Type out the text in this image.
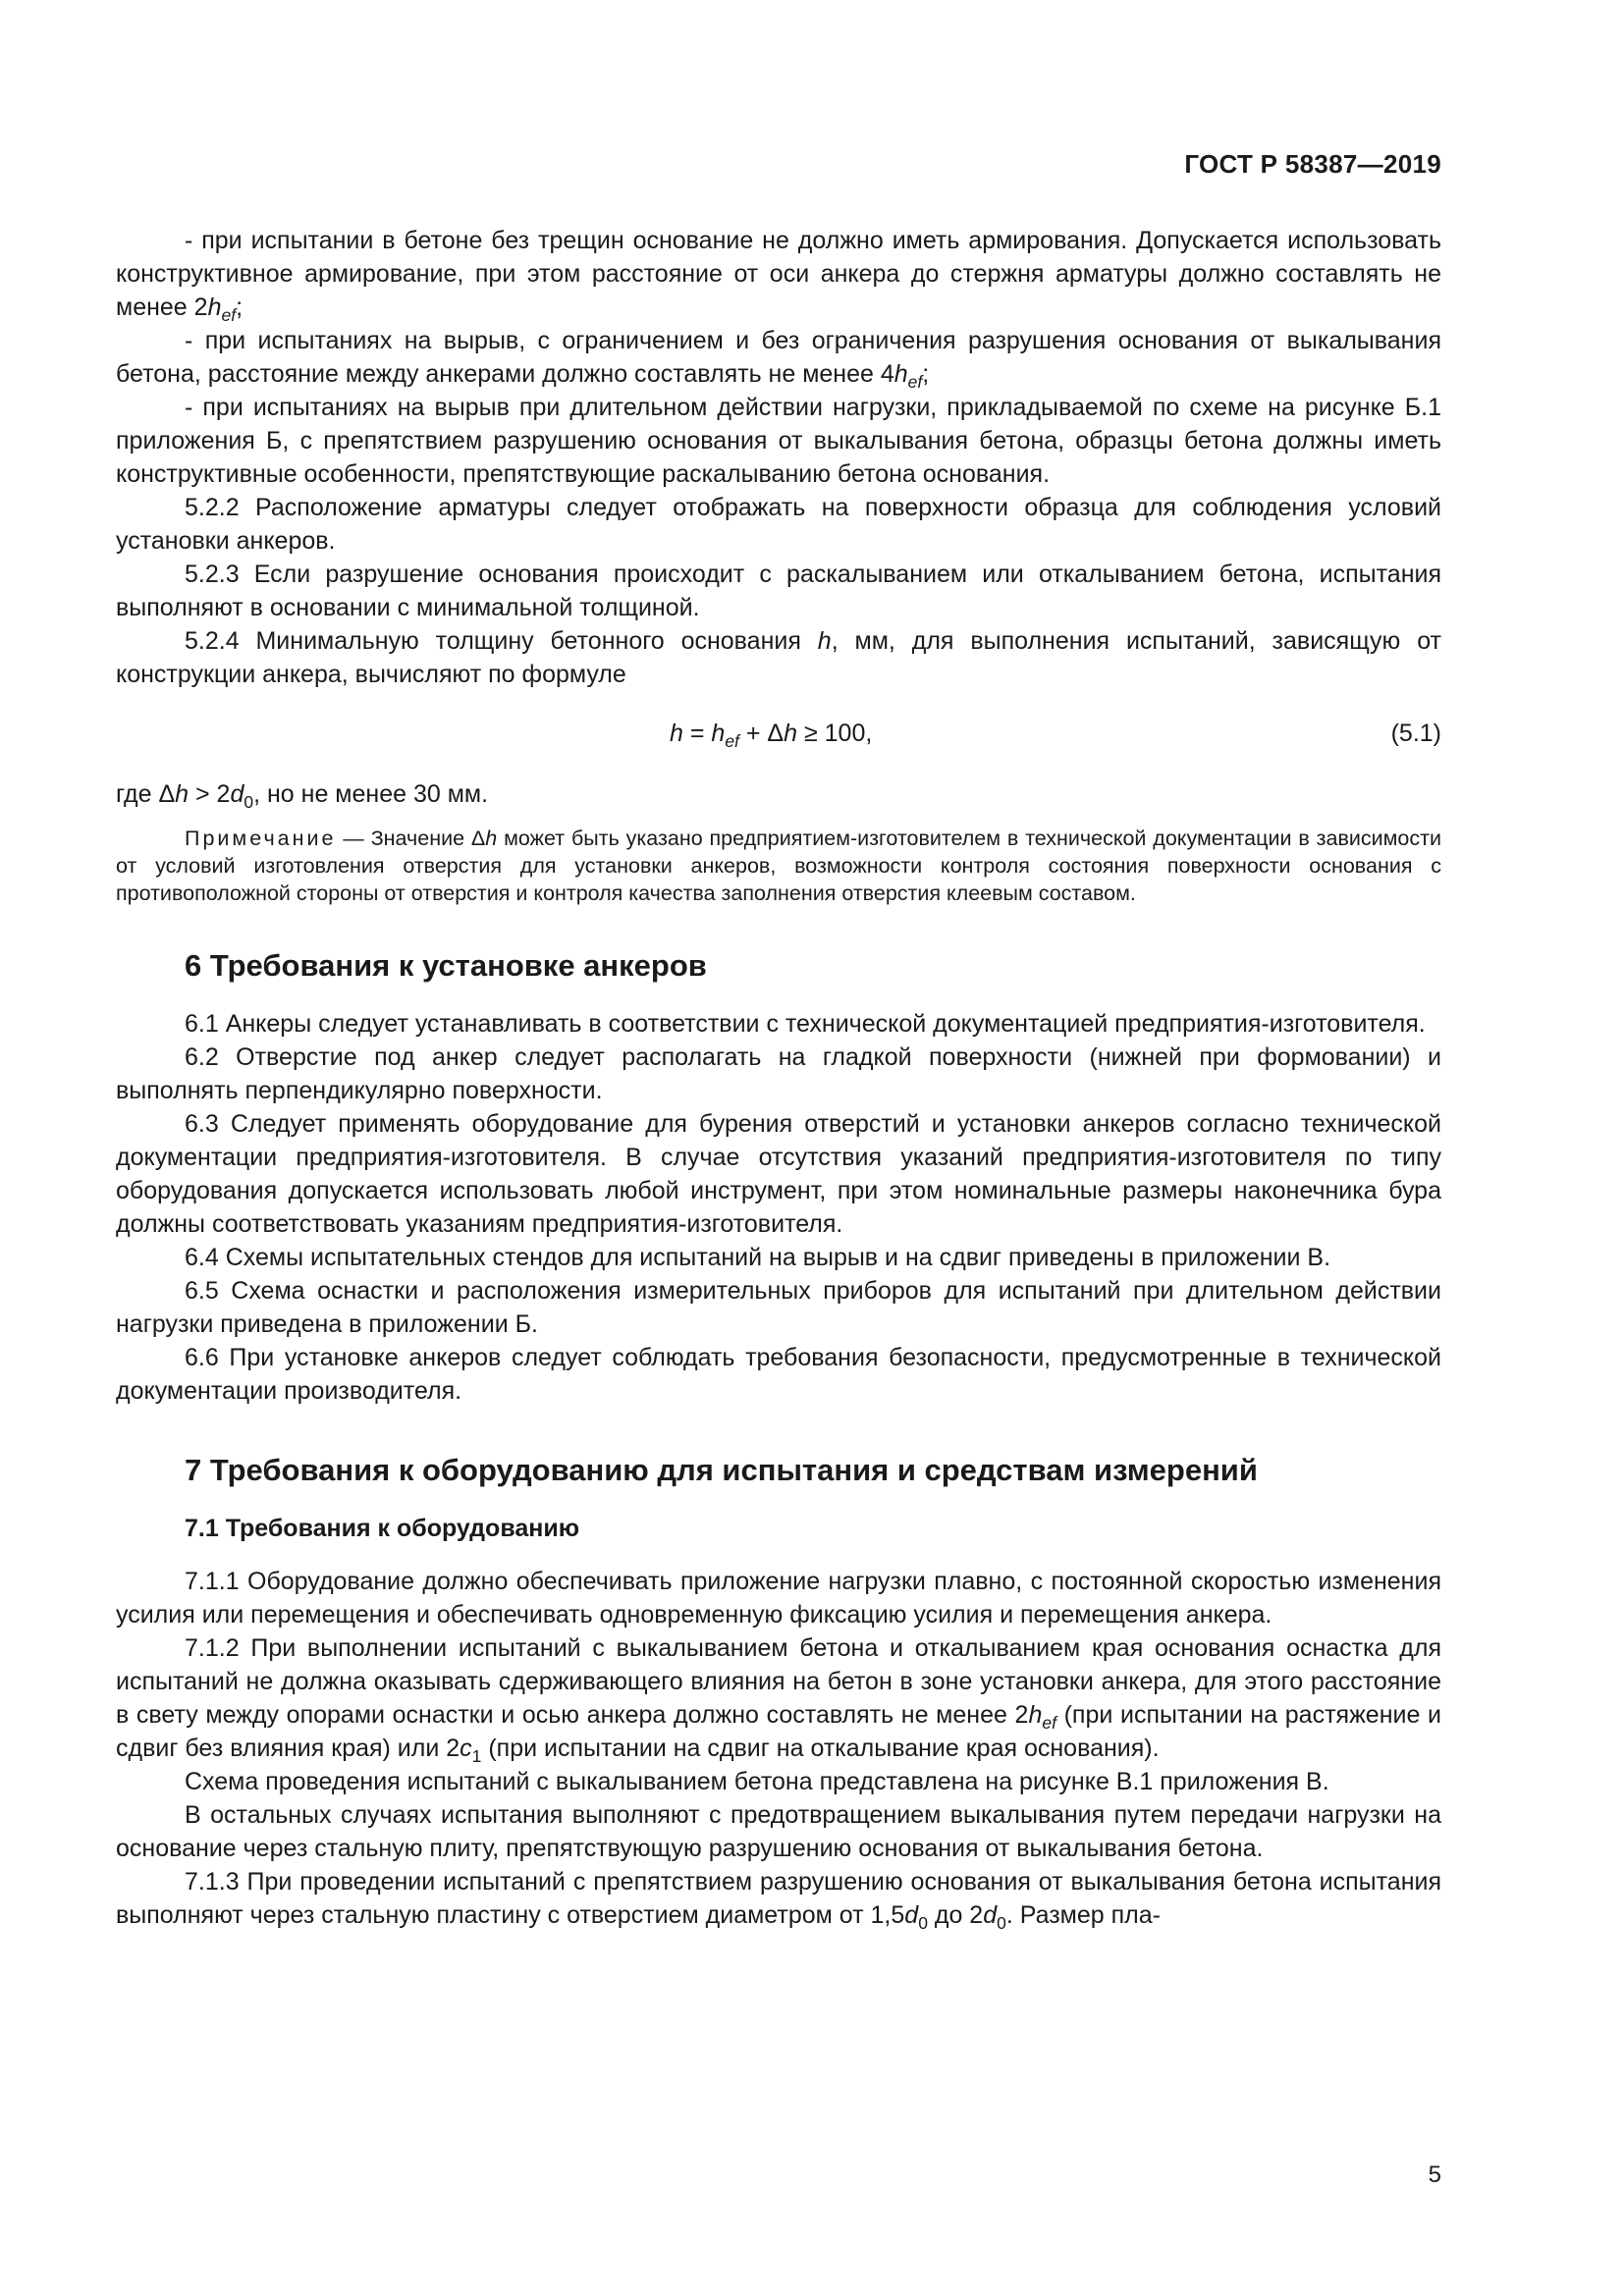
ГОСТ Р 58387—2019

- при испытании в бетоне без трещин основание не должно иметь армирования. Допускается использовать конструктивное армирование, при этом расстояние от оси анкера до стержня арматуры должно составлять не менее $2h_{ef}$;

- при испытаниях на вырыв, с ограничением и без ограничения разрушения основания от выкалывания бетона, расстояние между анкерами должно составлять не менее $4h_{ef}$;

- при испытаниях на вырыв при длительном действии нагрузки, прикладываемой по схеме на рисунке Б.1 приложения Б, с препятствием разрушению основания от выкалывания бетона, образцы бетона должны иметь конструктивные особенности, препятствующие раскалыванию бетона основания.

5.2.2 Расположение арматуры следует отображать на поверхности образца для соблюдения условий установки анкеров.

5.2.3 Если разрушение основания происходит с раскалыванием или откалыванием бетона, испытания выполняют в основании с минимальной толщиной.

5.2.4 Минимальную толщину бетонного основания h, мм, для выполнения испытаний, зависящую от конструкции анкера, вычисляют по формуле

$h = h_{ef} + \Delta h \ge 100$,	(5.1)

где $\Delta h > 2d_0$, но не менее 30 мм.

Примечание — Значение Δh может быть указано предприятием-изготовителем в технической документации в зависимости от условий изготовления отверстия для установки анкеров, возможности контроля состояния поверхности основания с противоположной стороны от отверстия и контроля качества заполнения отверстия клеевым составом.
6 Требования к установке анкеров

6.1 Анкеры следует устанавливать в соответствии с технической документацией предприятия-изготовителя.

6.2 Отверстие под анкер следует располагать на гладкой поверхности (нижней при формовании) и выполнять перпендикулярно поверхности.

6.3 Следует применять оборудование для бурения отверстий и установки анкеров согласно технической документации предприятия-изготовителя. В случае отсутствия указаний предприятия-изготовителя по типу оборудования допускается использовать любой инструмент, при этом номинальные размеры наконечника бура должны соответствовать указаниям предприятия-изготовителя.

6.4 Схемы испытательных стендов для испытаний на вырыв и на сдвиг приведены в приложении В.

6.5 Схема оснастки и расположения измерительных приборов для испытаний при длительном действии нагрузки приведена в приложении Б.

6.6 При установке анкеров следует соблюдать требования безопасности, предусмотренные в технической документации производителя.

7 Требования к оборудованию для испытания и средствам измерений
7.1 Требования к оборудованию

7.1.1 Оборудование должно обеспечивать приложение нагрузки плавно, с постоянной скоростью изменения усилия или перемещения и обеспечивать одновременную фиксацию усилия и перемещения анкера.

7.1.2 При выполнении испытаний с выкалыванием бетона и откалыванием края основания оснастка для испытаний не должна оказывать сдерживающего влияния на бетон в зоне установки анкера, для этого расстояние в свету между опорами оснастки и осью анкера должно составлять не менее $2h_{ef}$ (при испытании на растяжение и сдвиг без влияния края) или $2c_1$ (при испытании на сдвиг на откалывание края основания).

Схема проведения испытаний с выкалыванием бетона представлена на рисунке В.1 приложения В.

В остальных случаях испытания выполняют с предотвращением выкалывания путем передачи нагрузки на основание через стальную плиту, препятствующую разрушению основания от выкалывания бетона.

7.1.3 При проведении испытаний с препятствием разрушению основания от выкалывания бетона испытания выполняют через стальную пластину с отверстием диаметром от $1,5d_0$ до $2d_0$. Размер пла-

5
